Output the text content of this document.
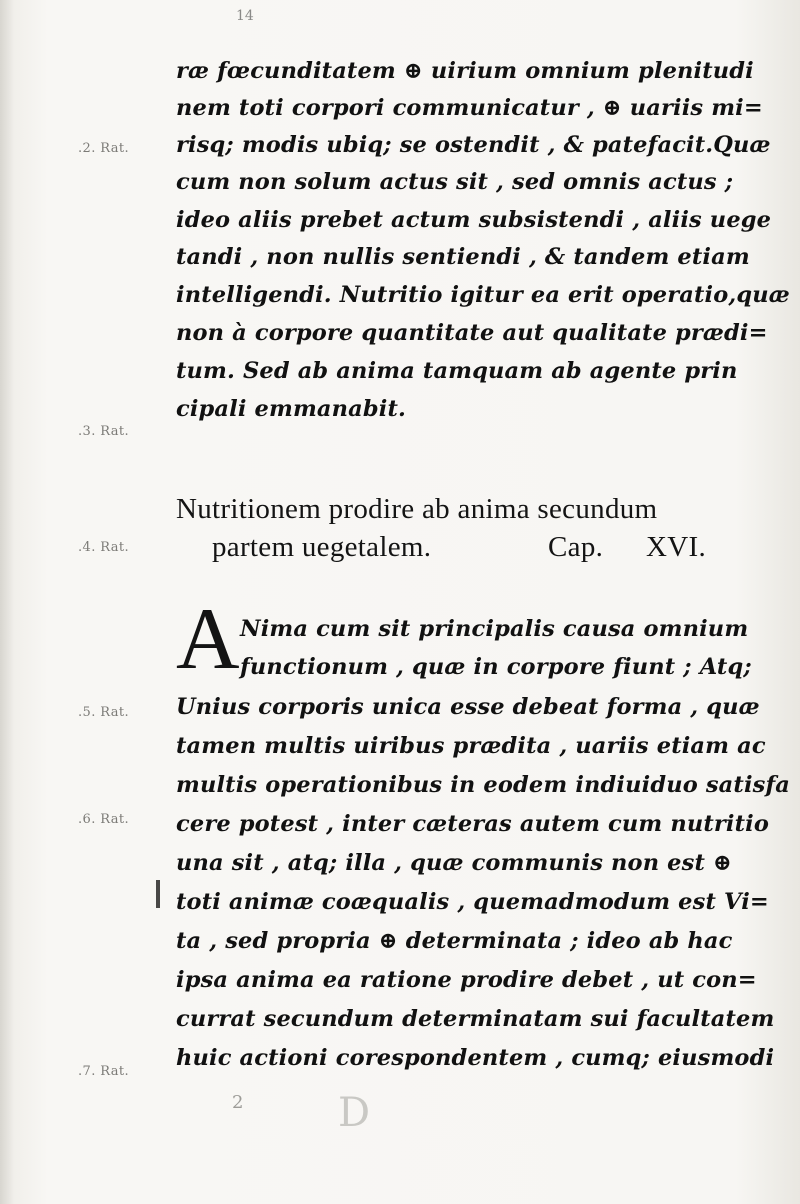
14
.2. Rat.
.3. Rat.
.4. Rat.
.5. Rat.
.6. Rat.
.7. Rat.
ræ fœcunditatem ⊕ uirium omnium plenitudi
nem toti corpori communicatur , ⊕ uariis mi=
risq; modis ubiq; se ostendit , & patefacit.Quæ
cum non solum actus sit , sed omnis actus ;
ideo aliis prebet actum subsistendi , aliis uege
tandi , non nullis sentiendi , & tandem etiam
intelligendi. Nutritio igitur ea erit operatio,quæ
non à corpore quantitate aut qualitate prædi=
tum. Sed ab anima tamquam ab agente prin
cipali emmanabit.
Nutritionem prodire ab anima secundum
partem uegetalem.	Cap. XVI.
A Nima cum sit principalis causa omnium
functionum , quæ in corpore fiunt ; Atq;
Unius corporis unica esse debeat forma , quæ
tamen multis uiribus prædita , uariis etiam ac
multis operationibus in eodem indiuiduo satisfa
cere potest , inter cæteras autem cum nutritio
una sit , atq; illa , quæ communis non est ⊕
toti animæ coæqualis , quemadmodum est Vi=
ta , sed propria ⊕ determinata ; ideo ab hac
ipsa anima ea ratione prodire debet , ut con=
currat secundum determinatam sui facultatem
huic actioni corespondentem , cumq; eiusmodi
2 D
